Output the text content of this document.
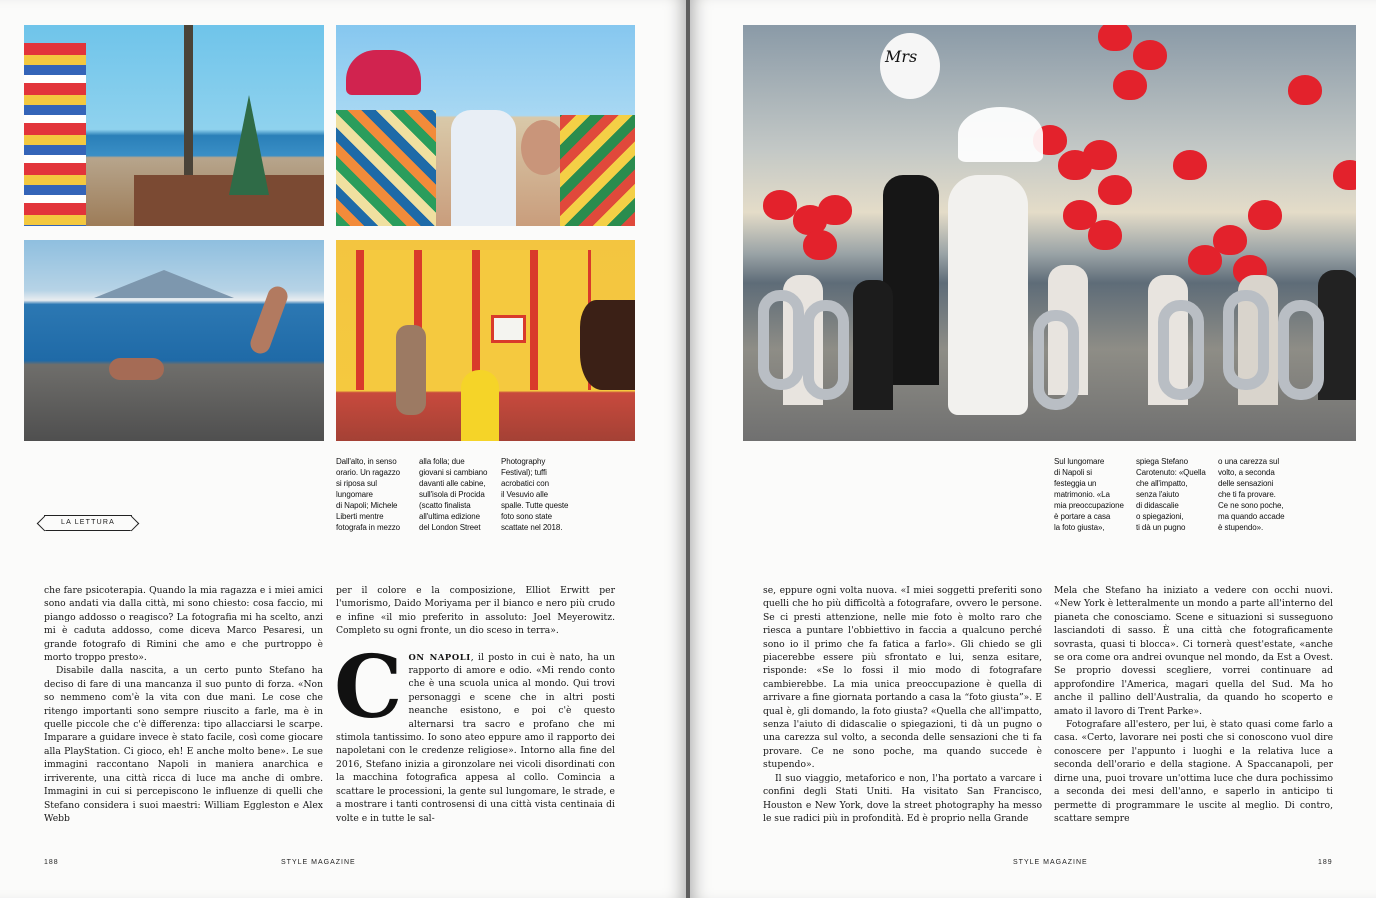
Dall'alto, in senso

orario. Un ragazzo

si riposa sul

lungomare

di Napoli; Michele

Liberti mentre

fotografa in mezzo

alla folla; due

giovani si cambiano

davanti alle cabine,

sull'isola di Procida

(scatto finalista

all'ultima edizione

del London Street

Photography

Festival); tuffi

acrobatici con

il Vesuvio alle

spalle. Tutte queste

foto sono state

scattate nel 2018.

LA LETTURA

che fare psicoterapia. Quando la mia ragazza e i miei amici sono andati via dalla città, mi sono chiesto: cosa faccio, mi piango addosso o reagisco? La fotografia mi ha scelto, anzi mi è caduta addosso, come diceva Marco Pesaresi, un grande fotografo di Rimini che amo e che purtroppo è morto troppo presto».

Disabile dalla nascita, a un certo punto Stefano ha deciso di fare di una mancanza il suo punto di forza. «Non so nemmeno com'è la vita con due mani. Le cose che ritengo importanti sono sempre riuscito a farle, ma è in quelle piccole che c'è differenza: tipo allacciarsi le scarpe. Imparare a guidare invece è stato facile, così come giocare alla PlayStation. Ci gioco, eh! E anche molto bene». Le sue immagini raccontano Napoli in maniera anarchica e irriverente, una città ricca di luce ma anche di ombre. Immagini in cui si percepiscono le influenze di quelli che Stefano considera i suoi maestri: William Eggleston e Alex Webb

per il colore e la composizione, Elliot Erwitt per l'umorismo, Daido Moriyama per il bianco e nero più crudo e infine «il mio preferito in assoluto: Joel Meyerowitz. Completo su ogni fronte, un dio sceso in terra».

C ON NAPOLI, il posto in cui è nato, ha un rapporto di amore e odio. «Mi rendo conto che è una scuola unica al mondo. Qui trovi personaggi e scene che in altri posti neanche esistono, e poi c'è questo alternarsi tra sacro e profano che mi stimola tantissimo. Io sono ateo eppure amo il rapporto dei napoletani con le credenze religiose». Intorno alla fine del 2016, Stefano inizia a gironzolare nei vicoli disordinati con la macchina fotografica appesa al collo. Comincia a scattare le processioni, la gente sul lungomare, le strade, e a mostrare i tanti controsensi di una città vista centinaia di volte e in tutte le sal-
188	STYLE MAGAZINE
Mrs

Sul lungomare

di Napoli si

festeggia un

matrimonio. «La

mia preoccupazione

è portare a casa

la foto giusta»,

spiega Stefano

Carotenuto: «Quella

che all'impatto,

senza l'aiuto

di didascalie

o spiegazioni,

ti dà un pugno

o una carezza sul

volto, a seconda

delle sensazioni

che ti fa provare.

Ce ne sono poche,

ma quando accade

è stupendo».

se, eppure ogni volta nuova. «I miei soggetti preferiti sono quelli che ho più difficoltà a fotografare, ovvero le persone. Se ci presti attenzione, nelle mie foto è molto raro che riesca a puntare l'obbiettivo in faccia a qualcuno perché sono io il primo che fa fatica a farlo». Gli chiedo se gli piacerebbe essere più sfrontato e lui, senza esitare, risponde: «Se lo fossi il mio modo di fotografare cambierebbe. La mia unica preoccupazione è quella di arrivare a fine giornata portando a casa la “foto giusta”». E qual è, gli domando, la foto giusta? «Quella che all'impatto, senza l'aiuto di didascalie o spiegazioni, ti dà un pugno o una carezza sul volto, a seconda delle sensazioni che ti fa provare. Ce ne sono poche, ma quando succede è stupendo».

Il suo viaggio, metaforico e non, l'ha portato a varcare i confini degli Stati Uniti. Ha visitato San Francisco, Houston e New York, dove la street photography ha messo le sue radici più in profondità. Ed è proprio nella Grande

Mela che Stefano ha iniziato a vedere con occhi nuovi. «New York è letteralmente un mondo a parte all'interno del pianeta che conosciamo. Scene e situazioni si susseguono lasciandoti di sasso. È una città che fotograficamente sovrasta, quasi ti blocca». Ci tornerà quest'estate, «anche se ora come ora andrei ovunque nel mondo, da Est a Ovest. Se proprio dovessi scegliere, vorrei continuare ad approfondire l'America, magari quella del Sud. Ma ho anche il pallino dell'Australia, da quando ho scoperto e amato il lavoro di Trent Parke».

Fotografare all'estero, per lui, è stato quasi come farlo a casa. «Certo, lavorare nei posti che si conoscono vuol dire conoscere per l'appunto i luoghi e la relativa luce a seconda dell'orario e della stagione. A Spaccanapoli, per dirne una, puoi trovare un'ottima luce che dura pochissimo a seconda dei mesi dell'anno, e saperlo in anticipo ti permette di programmare le uscite al meglio. Di contro, scattare sempre

STYLE MAGAZINE	189
